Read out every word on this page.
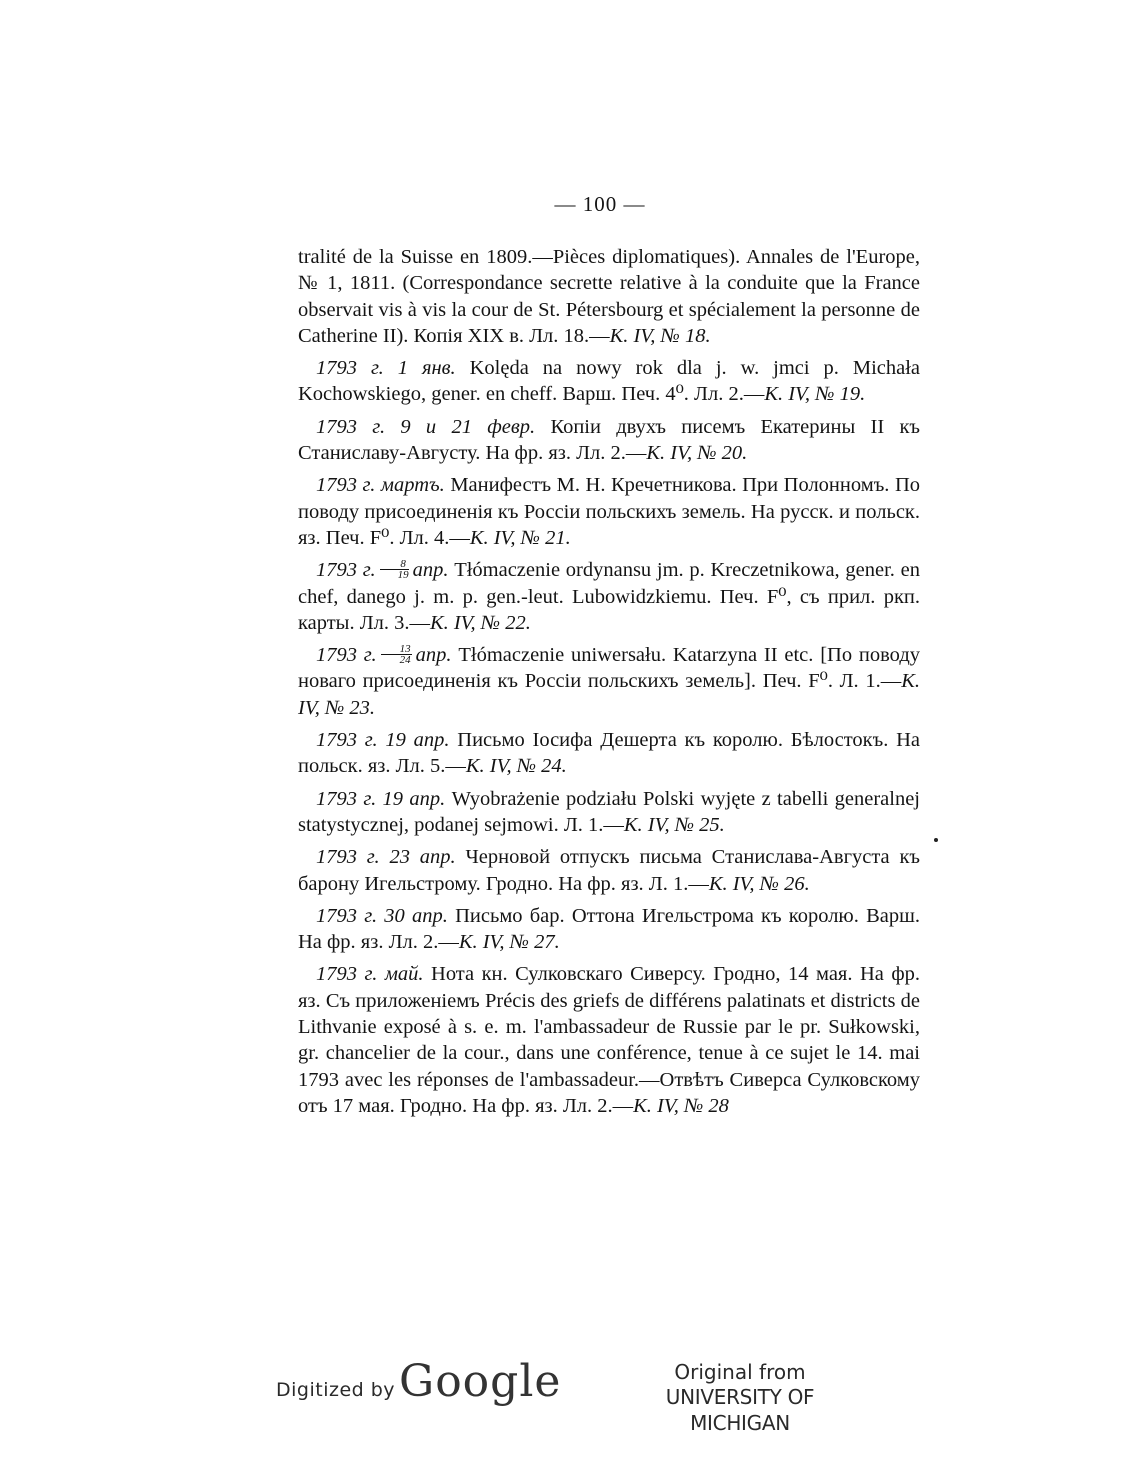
— 100 —

tralité de la Suisse en 1809.—Pièces diplomatiques). Annales de l'Europe, № 1, 1811. (Correspondance secrette relative à la conduite que la France observait vis à vis la cour de St. Pétersbourg et spécialement la personne de Catherine II). Копія XIX в. Лл. 18.—К. IV, № 18.

1793 г. 1 янв. Kolęda na nowy rok dla j. w. jmci p. Michała Kochowskiego, gener. en cheff. Варш. Печ. 4⁰. Лл. 2.—К. IV, № 19.

1793 г. 9 и 21 февр. Копіи двухъ писемъ Екатерины II къ Станиславу-Августу. На фр. яз. Лл. 2.—К. IV, № 20.

1793 г. мартъ. Манифестъ М. Н. Кречетникова. При Полонномъ. По поводу присоединенія къ Россіи польскихъ земель. На русск. и польск. яз. Печ. F⁰. Лл. 4.—К. IV, № 21.

1793 г. $\frac{8}{19}$ апр. Tłómaczenie ordynansu jm. p. Kreczetnikowa, gener. en chef, danego j. m. p. gen.-leut. Lubowidzkiemu. Печ. F⁰, съ прил. ркп. карты. Лл. 3.—К. IV, № 22.

1793 г. $\frac{13}{24}$ апр. Tłómaczenie uniwersału. Katarzyna II etc. [По поводу новаго присоединенія къ Россіи польскихъ земель]. Печ. F⁰. Л. 1.—К. IV, № 23.

1793 г. 19 апр. Письмо Іосифа Дешерта къ королю. Бѣлостокъ. На польск. яз. Лл. 5.—К. IV, № 24.

1793 г. 19 апр. Wyobrażenie podziału Polski wyjęte z tabelli generalnej statystycznej, podanej sejmowi. Л. 1.—К. IV, № 25.

1793 г. 23 апр. Черновой отпускъ письма Станислава-Августа къ барону Игельстрому. Гродно. На фр. яз. Л. 1.—К. IV, № 26.

1793 г. 30 апр. Письмо бар. Оттона Игельстрома къ королю. Варш. На фр. яз. Лл. 2.—К. IV, № 27.

1793 г. май. Нота кн. Сулковскаго Сиверсу. Гродно, 14 мая. На фр. яз. Съ приложеніемъ Précis des griefs de différens palatinats et districts de Lithvanie exposé à s. e. m. l'ambassadeur de Russie par le pr. Sułkowski, gr. chancelier de la cour., dans une conférence, tenue à ce sujet le 14. mai 1793 avec les réponses de l'ambassadeur.—Отвѣтъ Сиверса Сулковскому отъ 17 мая. Гродно. На фр. яз. Лл. 2.—К. IV, № 28

Digitized by Google	Original from
UNIVERSITY OF MICHIGAN
